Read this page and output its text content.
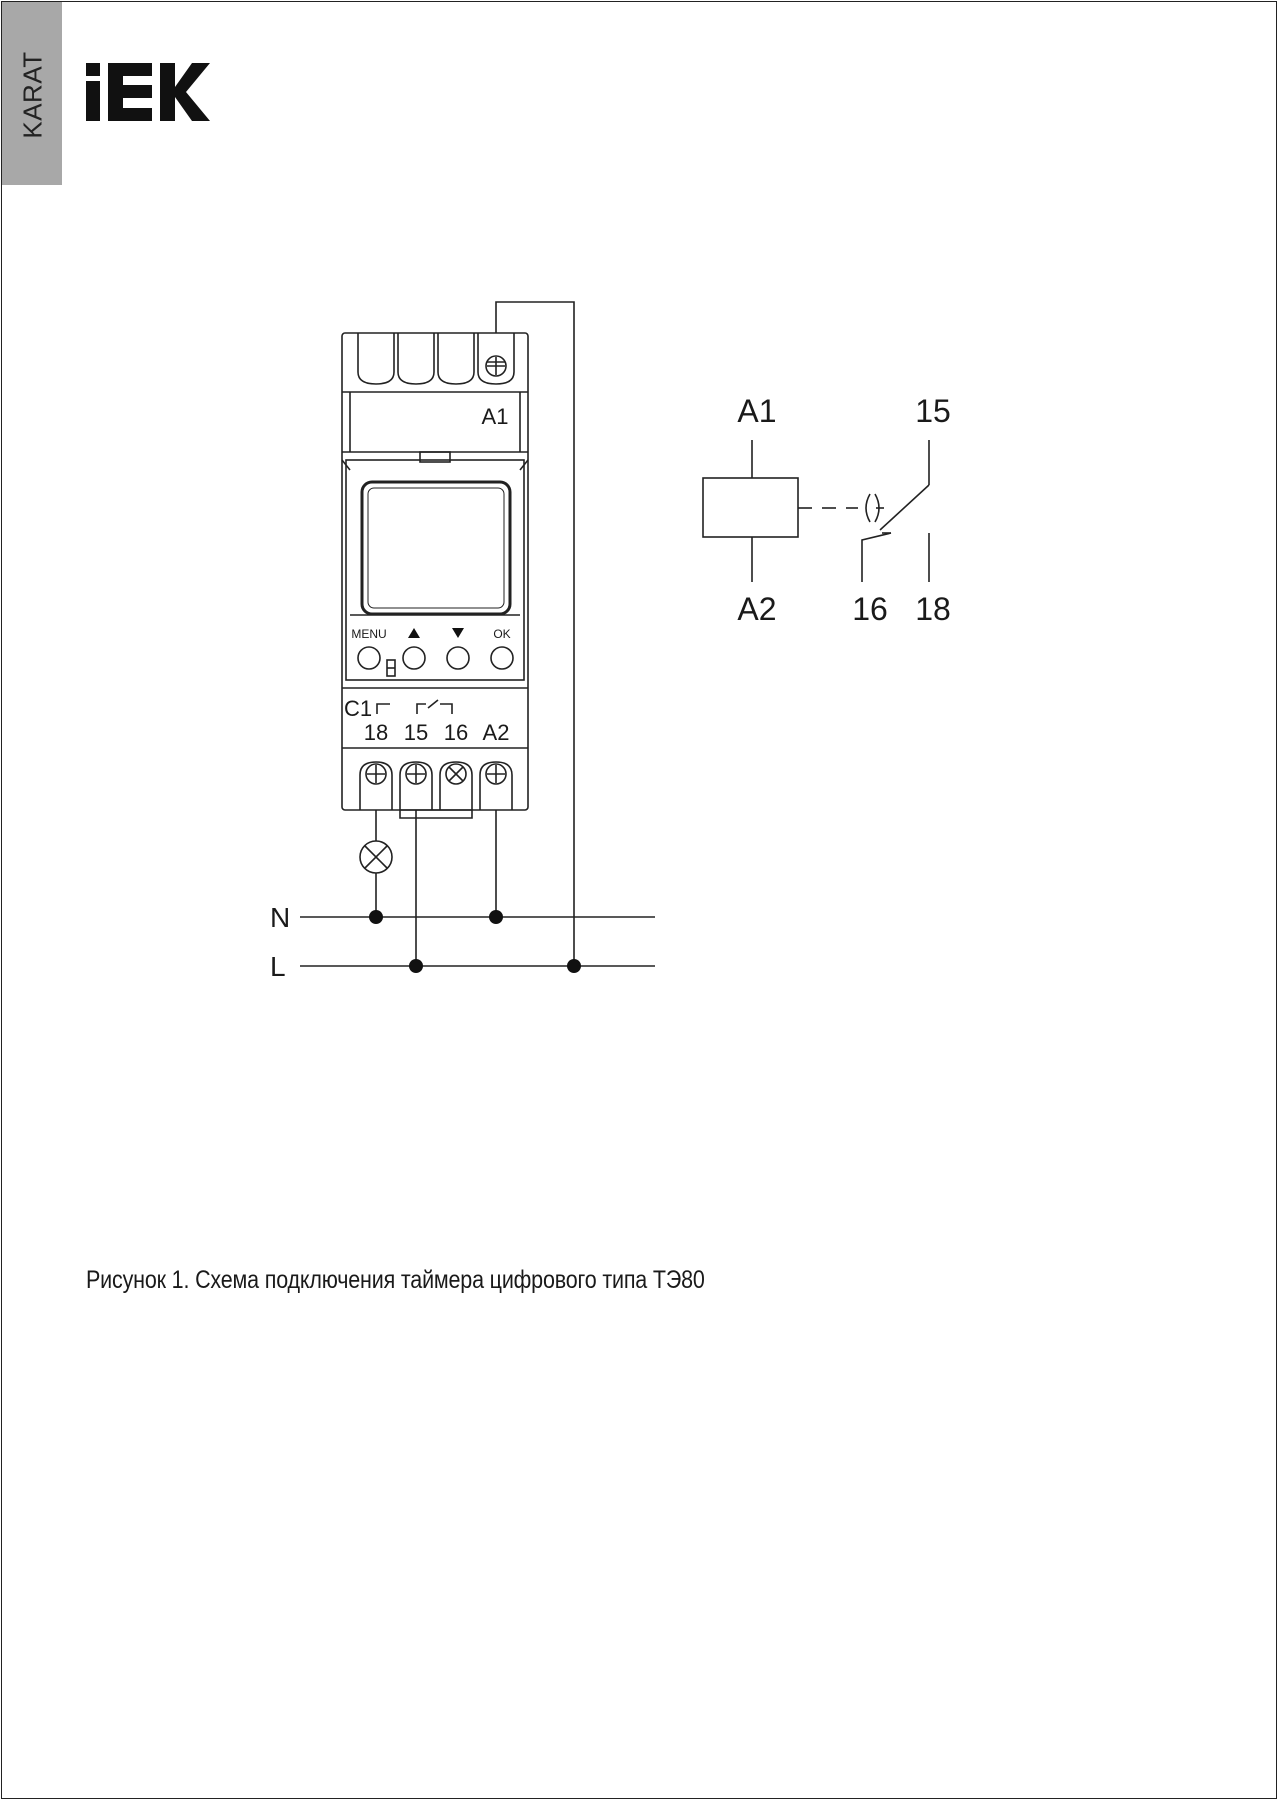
KARAT
A1
MENU	OK
C1
18 15 16 A2
N
L
A1
A2
15
16 18
Рисунок 1. Схема подключения таймера цифрового типа ТЭ80
